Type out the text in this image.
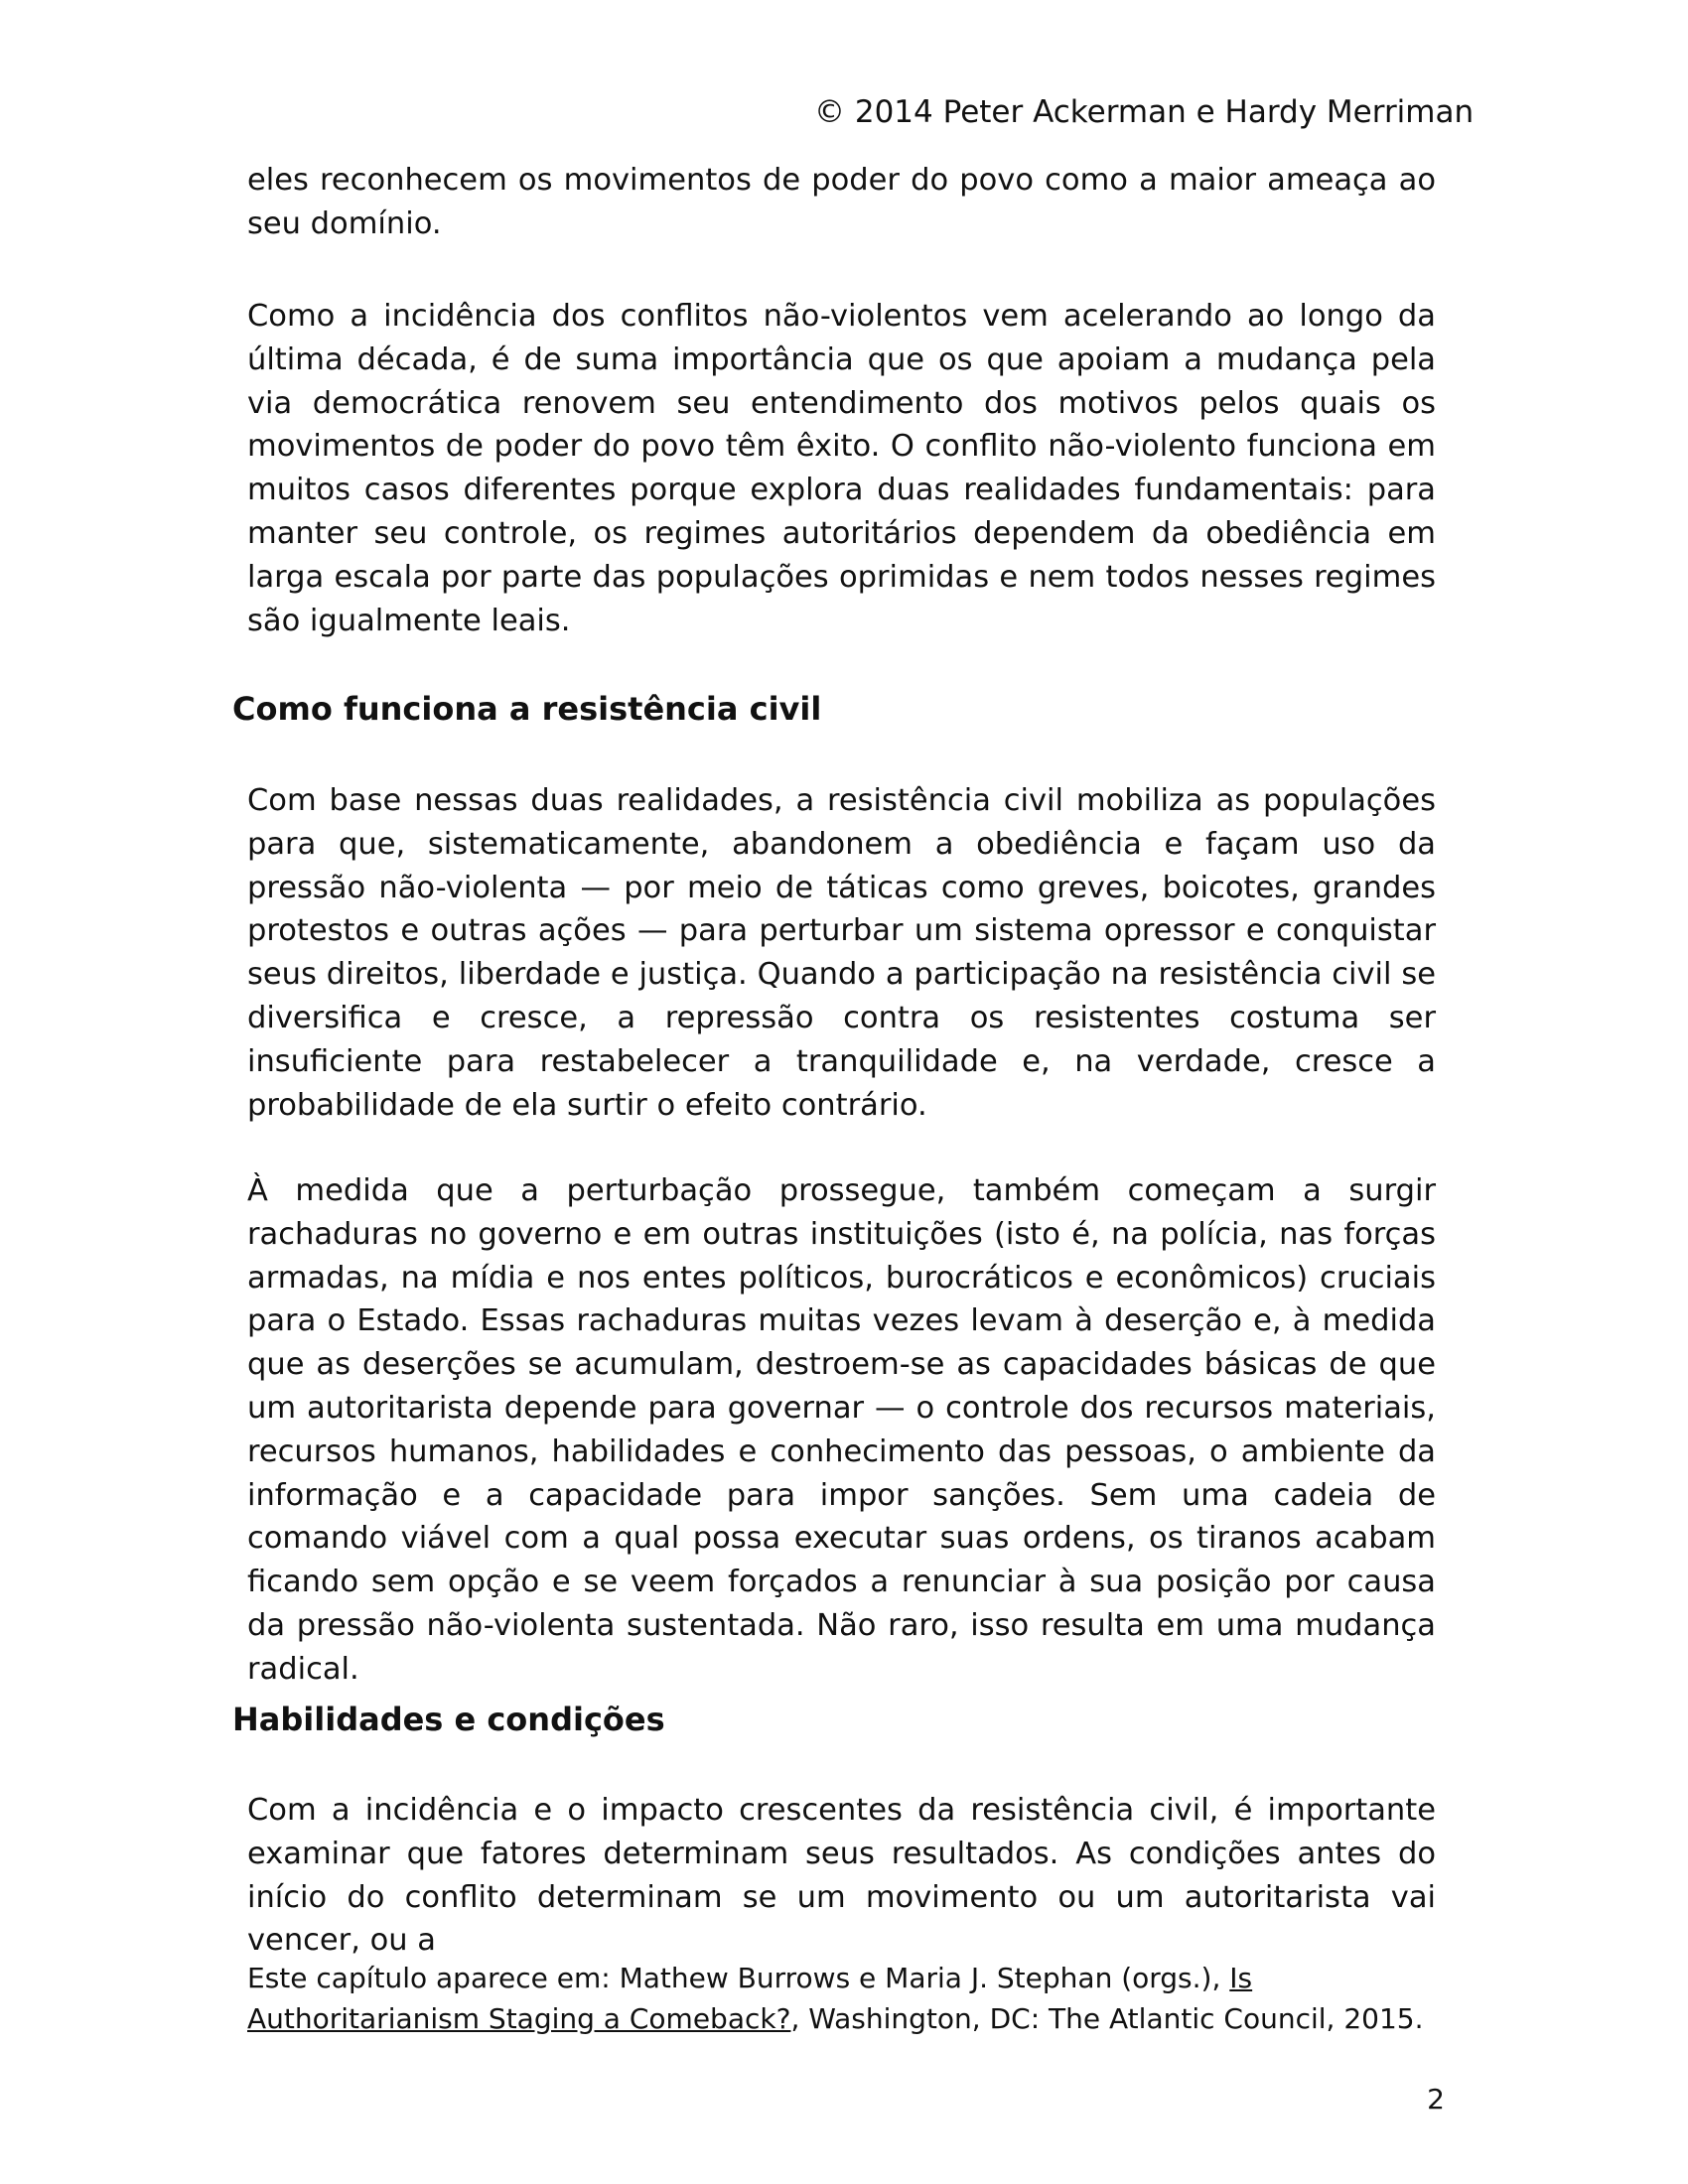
© 2014 Peter Ackerman e Hardy Merriman

eles reconhecem os movimentos de poder do povo como a maior ameaça ao seu domínio.

Como a incidência dos conflitos não-violentos vem acelerando ao longo da última década, é de suma importância que os que apoiam a mudança pela via democrática renovem seu entendimento dos motivos pelos quais os movimentos de poder do povo têm êxito. O conflito não-violento funciona em muitos casos diferentes porque explora duas realidades fundamentais: para manter seu controle, os regimes autoritários dependem da obediência em larga escala por parte das populações oprimidas e nem todos nesses regimes são igualmente leais.

Como funciona a resistência civil

Com base nessas duas realidades, a resistência civil mobiliza as populações para que, sistematicamente, abandonem a obediência e façam uso da pressão não-violenta — por meio de táticas como greves, boicotes, grandes protestos e outras ações — para perturbar um sistema opressor e conquistar seus direitos, liberdade e justiça. Quando a participação na resistência civil se diversifica e cresce, a repressão contra os resistentes costuma ser insuficiente para restabelecer a tranquilidade e, na verdade, cresce a probabilidade de ela surtir o efeito contrário.

À medida que a perturbação prossegue, também começam a surgir rachaduras no governo e em outras instituições (isto é, na polícia, nas forças armadas, na mídia e nos entes políticos, burocráticos e econômicos) cruciais para o Estado. Essas rachaduras muitas vezes levam à deserção e, à medida que as deserções se acumulam, destroem-se as capacidades básicas de que um autoritarista depende para governar — o controle dos recursos materiais, recursos humanos, habilidades e conhecimento das pessoas, o ambiente da informação e a capacidade para impor sanções. Sem uma cadeia de comando viável com a qual possa executar suas ordens, os tiranos acabam ficando sem opção e se veem forçados a renunciar à sua posição por causa da pressão não-violenta sustentada. Não raro, isso resulta em uma mudança radical.

Habilidades e condições

Com a incidência e o impacto crescentes da resistência civil, é importante examinar que fatores determinam seus resultados. As condições antes do início do conflito determinam se um movimento ou um autoritarista vai vencer, ou a

Este capítulo aparece em: Mathew Burrows e Maria J. Stephan (orgs.), Is Authoritarianism Staging a Comeback?, Washington, DC: The Atlantic Council, 2015.
2
